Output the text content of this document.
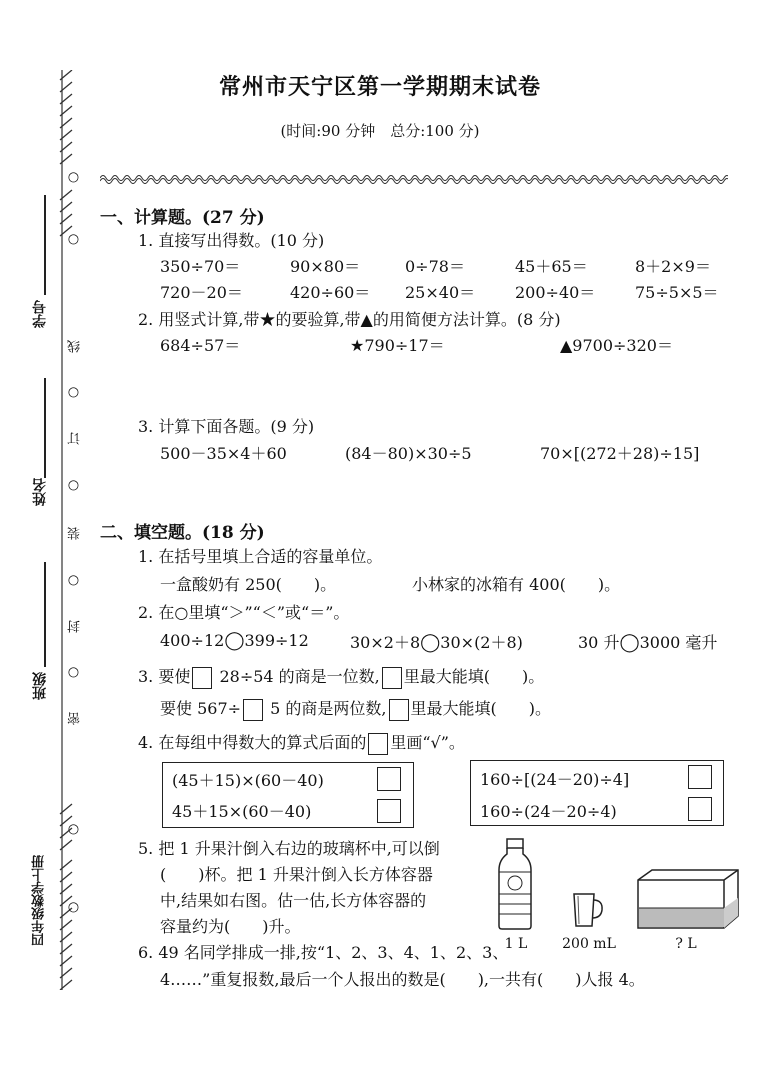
○
○
线
○
订
○
装
○
封
○
密
○
○
学号
姓名
班级
四年级数学上册
常州市天宁区第一学期期末试卷
(时间:90 分钟　总分:100 分)
一、计算题。(27 分)
1. 直接写出得数。(10 分)
350÷70＝	90×80＝	0÷78＝	45＋65＝	8＋2×9＝
720－20＝	420÷60＝ 25×40＝ 200÷40＝ 75÷5×5＝
2. 用竖式计算,带★的要验算,带▲的用简便方法计算。(8 分)
684÷57＝	★790÷17＝	▲9700÷320＝
3. 计算下面各题。(9 分)
500－35×4＋60	(84－80)×30÷5	70×[(272＋28)÷15]
二、填空题。(18 分)
1. 在括号里填上合适的容量单位。
一盒酸奶有 250(　　)。	小林家的冰箱有 400(　　)。
2. 在○里填“＞”“＜”或“＝”。
400÷12◯399÷12	30×2＋8◯30×(2＋8)	30 升◯3000 毫升
3. 要使 28÷54 的商是一位数, 里最大能填(　　)。
要使 567÷ 5 的商是两位数, 里最大能填(　　)。
4. 在每组中得数大的算式后面的 里画“√”。
(45＋15)×(60－40)
45＋15×(60－40)
160÷[(24－20)÷4]
160÷(24－20÷4)
5. 把 1 升果汁倒入右边的玻璃杯中,可以倒
(　　)杯。把 1 升果汁倒入长方体容器
中,结果如右图。估一估,长方体容器的
容量约为(　　)升。
1 L	200 mL	? L
6. 49 名同学排成一排,按“1、2、3、4、1、2、3、
4……”重复报数,最后一个人报出的数是(　　),一共有(　　)人报 4。
